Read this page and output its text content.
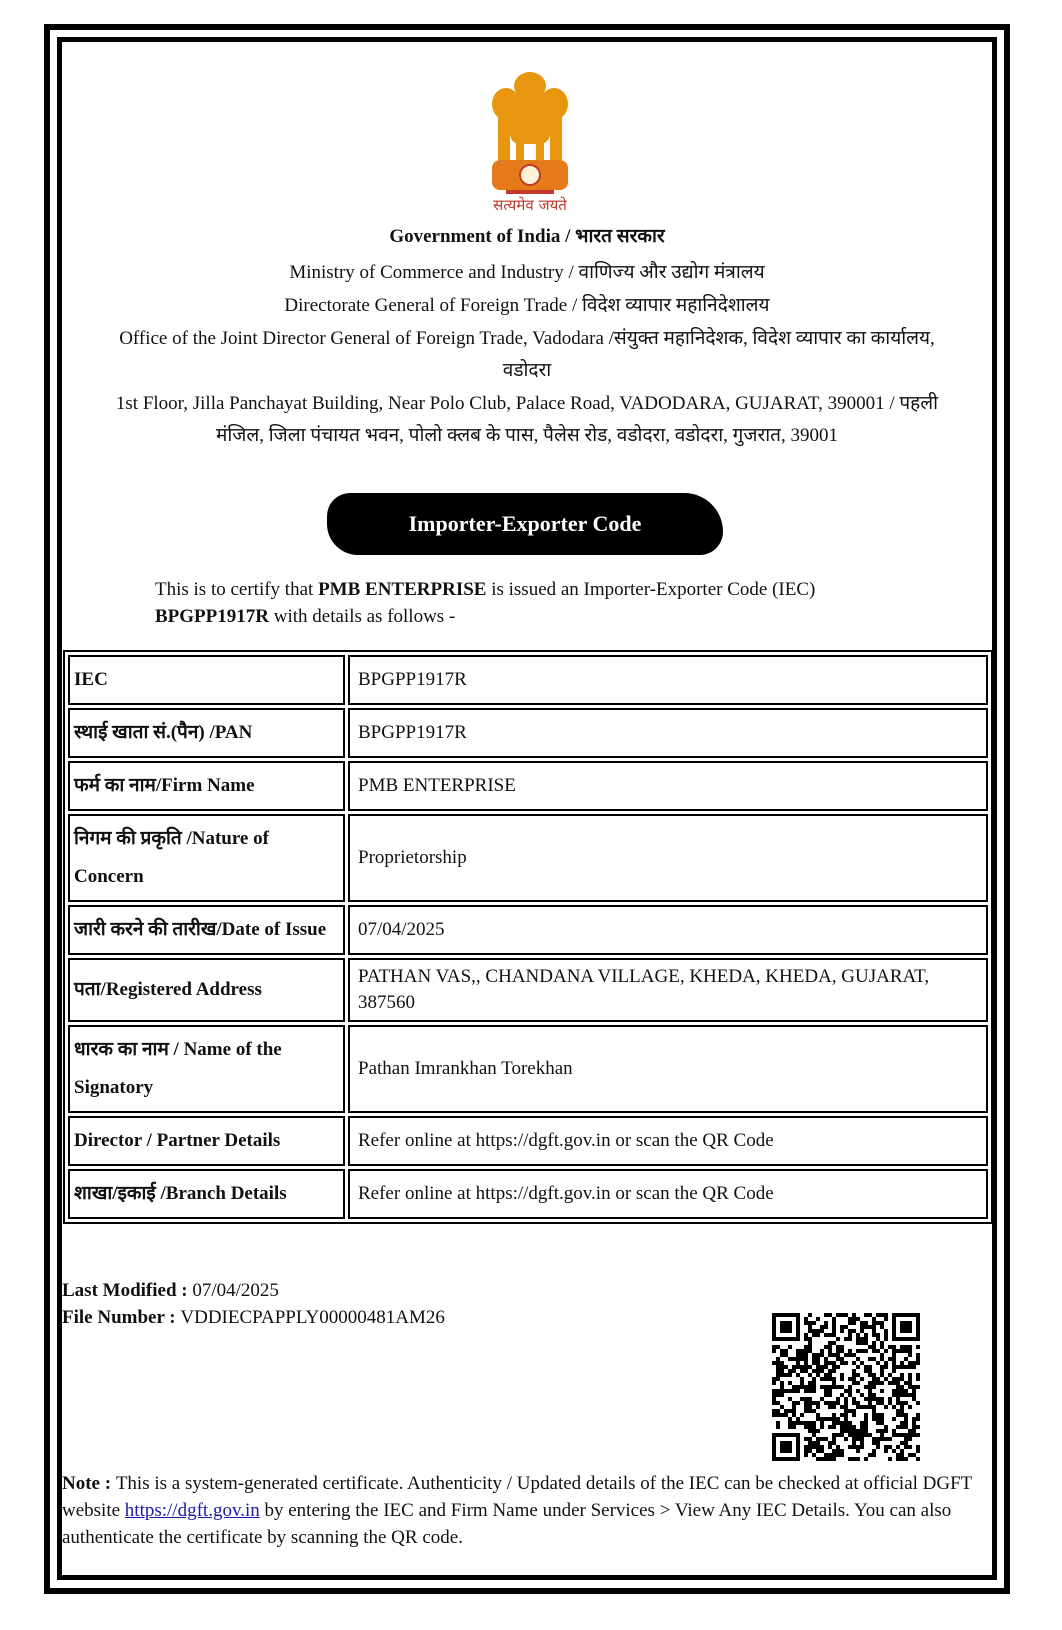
सत्यमेव जयते
Government of India / भारत सरकार
Ministry of Commerce and Industry / वाणिज्य और उद्योग मंत्रालय
Directorate General of Foreign Trade / विदेश व्यापार महानिदेशालय
Office of the Joint Director General of Foreign Trade, Vadodara /संयुक्त महानिदेशक, विदेश व्यापार का कार्यालय,
वडोदरा
1st Floor, Jilla Panchayat Building, Near Polo Club, Palace Road, VADODARA, GUJARAT, 390001 / पहली
मंजिल, जिला पंचायत भवन, पोलो क्लब के पास, पैलेस रोड, वडोदरा, वडोदरा, गुजरात, 39001
Importer-Exporter Code
This is to certify that PMB ENTERPRISE is issued an Importer-Exporter Code (IEC)
BPGPP1917R with details as follows -
IEC	BPGPP1917R
स्थाई खाता सं.(पैन) /PAN	BPGPP1917R
फर्म का नाम/Firm Name	PMB ENTERPRISE
निगम की प्रकृति /Nature of Concern	Proprietorship
जारी करने की तारीख/Date of Issue	07/04/2025
पता/Registered Address	PATHAN VAS,, CHANDANA VILLAGE, KHEDA, KHEDA, GUJARAT, 387560
धारक का नाम / Name of the Signatory	Pathan Imrankhan Torekhan
Director / Partner Details	Refer online at https://dgft.gov.in or scan the QR Code
शाखा/इकाई /Branch Details	Refer online at https://dgft.gov.in or scan the QR Code
Last Modified : 07/04/2025
File Number : VDDIECPAPPLY00000481AM26
Note : This is a system-generated certificate. Authenticity / Updated details of the IEC can be checked at official DGFT website https://dgft.gov.in by entering the IEC and Firm Name under Services > View Any IEC Details. You can also authenticate the certificate by scanning the QR code.
